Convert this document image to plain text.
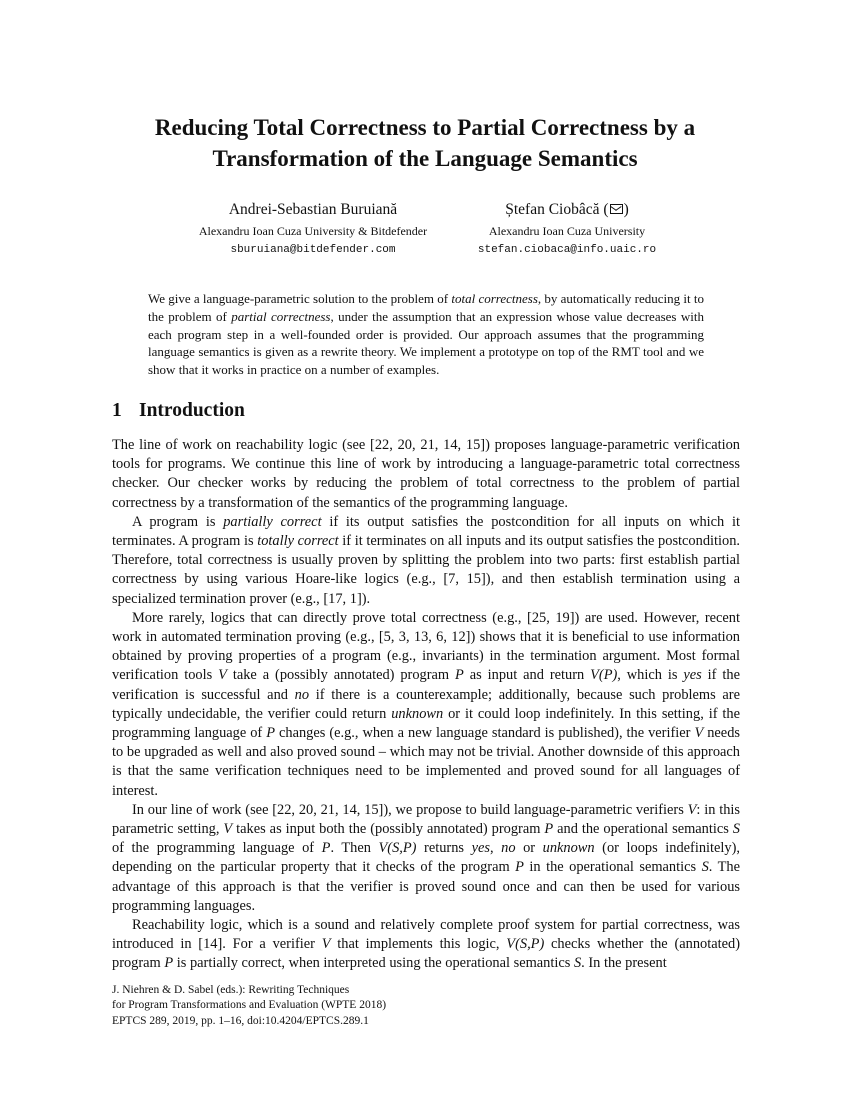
Reducing Total Correctness to Partial Correctness by a
Transformation of the Language Semantics
Andrei-Sebastian Buruiană
Alexandru Ioan Cuza University & Bitdefender
sburuiana@bitdefender.com
Ștefan Ciobâcă ( )
Alexandru Ioan Cuza University
stefan.ciobaca@info.uaic.ro

We give a language-parametric solution to the problem of total correctness, by automatically reducing it to the problem of partial correctness, under the assumption that an expression whose value decreases with each program step in a well-founded order is provided. Our approach assumes that the programming language semantics is given as a rewrite theory. We implement a prototype on top of the RMT tool and we show that it works in practice on a number of examples.

1 Introduction

The line of work on reachability logic (see [22, 20, 21, 14, 15]) proposes language-parametric verification tools for programs. We continue this line of work by introducing a language-parametric total correctness checker. Our checker works by reducing the problem of total correctness to the problem of partial correctness by a transformation of the semantics of the programming language.

A program is partially correct if its output satisfies the postcondition for all inputs on which it terminates. A program is totally correct if it terminates on all inputs and its output satisfies the postcondition. Therefore, total correctness is usually proven by splitting the problem into two parts: first establish partial correctness by using various Hoare-like logics (e.g., [7, 15]), and then establish termination using a specialized termination prover (e.g., [17, 1]).

More rarely, logics that can directly prove total correctness (e.g., [25, 19]) are used. However, recent work in automated termination proving (e.g., [5, 3, 13, 6, 12]) shows that it is beneficial to use information obtained by proving properties of a program (e.g., invariants) in the termination argument. Most formal verification tools V take a (possibly annotated) program P as input and return V(P), which is yes if the verification is successful and no if there is a counterexample; additionally, because such problems are typically undecidable, the verifier could return unknown or it could loop indefinitely. In this setting, if the programming language of P changes (e.g., when a new language standard is published), the verifier V needs to be upgraded as well and also proved sound – which may not be trivial. Another downside of this approach is that the same verification techniques need to be implemented and proved sound for all languages of interest.

In our line of work (see [22, 20, 21, 14, 15]), we propose to build language-parametric verifiers V: in this parametric setting, V takes as input both the (possibly annotated) program P and the operational semantics S of the programming language of P. Then V(S,P) returns yes, no or unknown (or loops indefinitely), depending on the particular property that it checks of the program P in the operational semantics S. The advantage of this approach is that the verifier is proved sound once and can then be used for various programming languages.

Reachability logic, which is a sound and relatively complete proof system for partial correctness, was introduced in [14]. For a verifier V that implements this logic, V(S,P) checks whether the (annotated) program P is partially correct, when interpreted using the operational semantics S. In the present

J. Niehren & D. Sabel (eds.): Rewriting Techniques
for Program Transformations and Evaluation (WPTE 2018)
EPTCS 289, 2019, pp. 1–16, doi:10.4204/EPTCS.289.1
